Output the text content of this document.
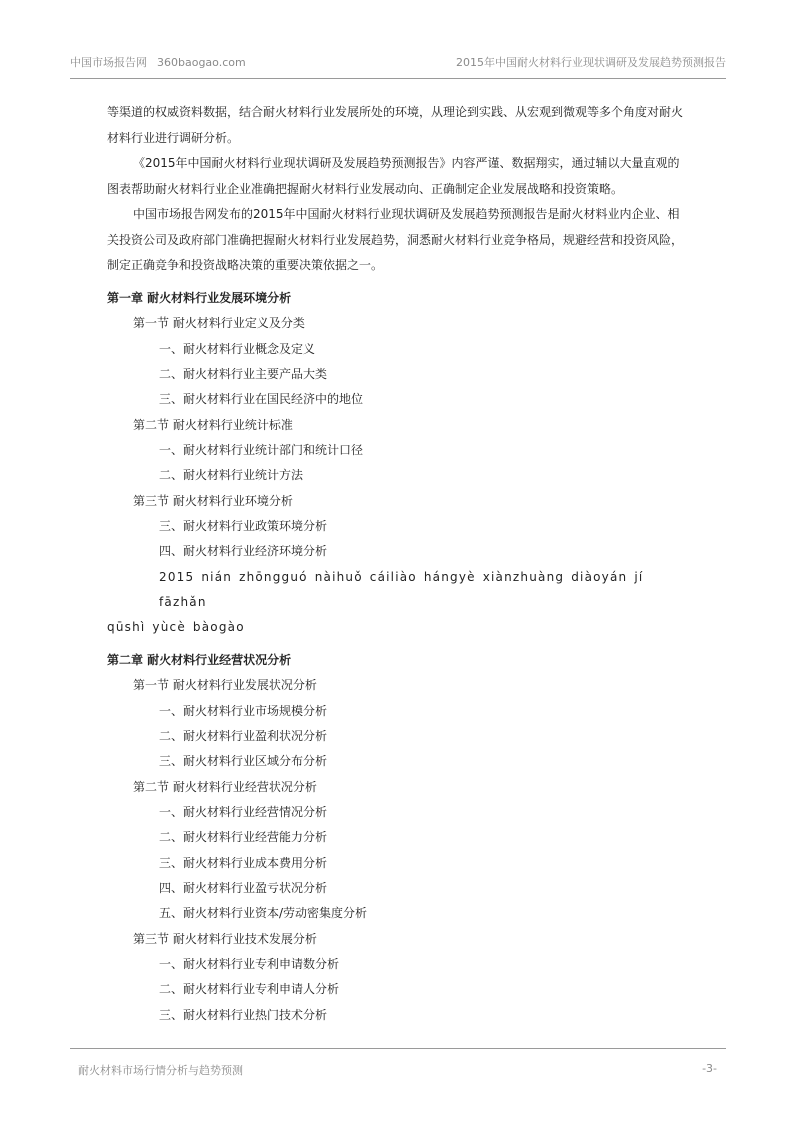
中国市场报告网 360baogao.com	2015年中国耐火材料行业现状调研及发展趋势预测报告

等渠道的权威资料数据，结合耐火材料行业发展所处的环境，从理论到实践、从宏观到微观等多个角度对耐火材料行业进行调研分析。

《2015年中国耐火材料行业现状调研及发展趋势预测报告》内容严谨、数据翔实，通过辅以大量直观的图表帮助耐火材料行业企业准确把握耐火材料行业发展动向、正确制定企业发展战略和投资策略。

中国市场报告网发布的2015年中国耐火材料行业现状调研及发展趋势预测报告是耐火材料业内企业、相关投资公司及政府部门准确把握耐火材料行业发展趋势，洞悉耐火材料行业竞争格局，规避经营和投资风险，制定正确竞争和投资战略决策的重要决策依据之一。

第一章 耐火材料行业发展环境分析
第一节 耐火材料行业定义及分类
一、耐火材料行业概念及定义
二、耐火材料行业主要产品大类
三、耐火材料行业在国民经济中的地位
第二节 耐火材料行业统计标准
一、耐火材料行业统计部门和统计口径
二、耐火材料行业统计方法
第三节 耐火材料行业环境分析
三、耐火材料行业政策环境分析
四、耐火材料行业经济环境分析
2015 nián zhōngguó nàihuǒ cáiliào hángyè xiànzhuàng diàoyán jí fāzhǎn
qūshì yùcè bàogào
第二章 耐火材料行业经营状况分析
第一节 耐火材料行业发展状况分析
一、耐火材料行业市场规模分析
二、耐火材料行业盈利状况分析
三、耐火材料行业区域分布分析
第二节 耐火材料行业经营状况分析
一、耐火材料行业经营情况分析
二、耐火材料行业经营能力分析
三、耐火材料行业成本费用分析
四、耐火材料行业盈亏状况分析
五、耐火材料行业资本/劳动密集度分析
第三节 耐火材料行业技术发展分析
一、耐火材料行业专利申请数分析
二、耐火材料行业专利申请人分析
三、耐火材料行业热门技术分析
耐火材料市场行情分析与趋势预测	-3-
